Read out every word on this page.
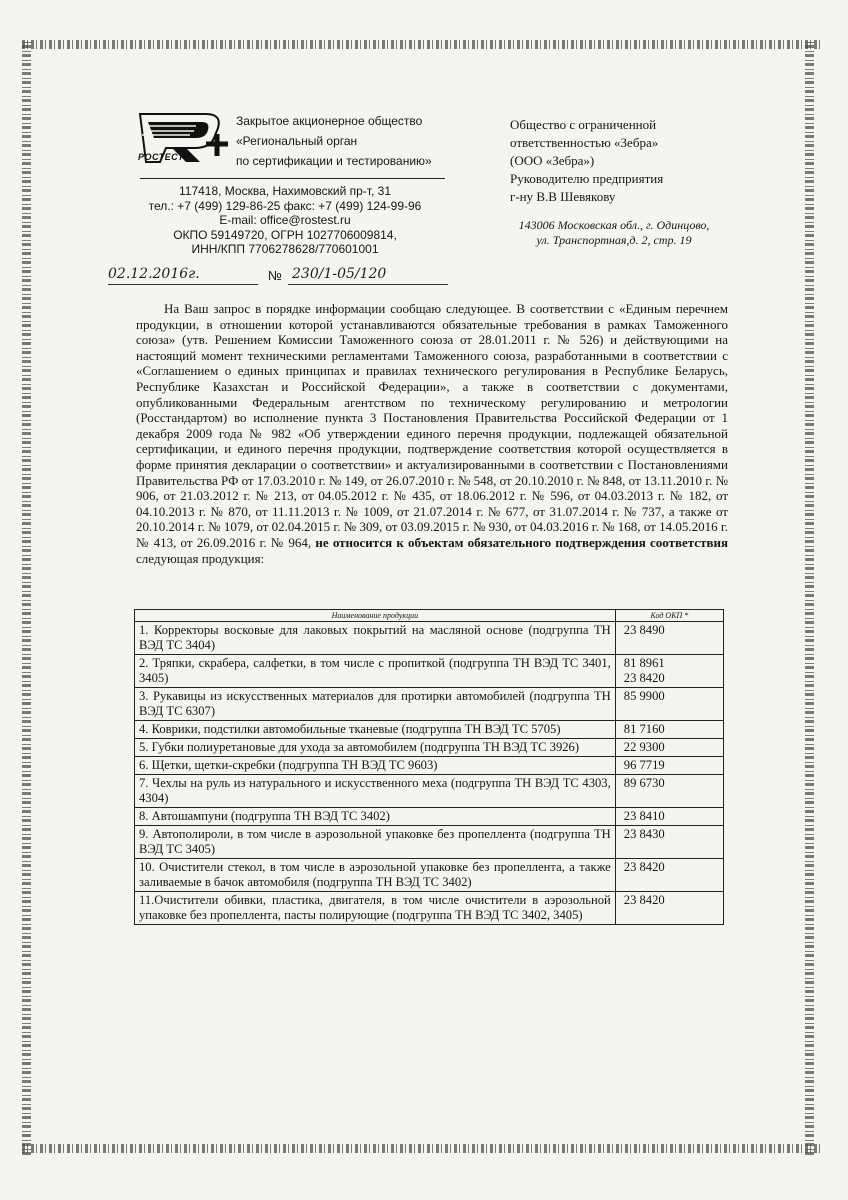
РОСТЕСТ
Закрытое акционерное общество
«Региональный орган
по сертификации и тестированию»
117418, Москва, Нахимовский пр-т, 31
тел.: +7 (499) 129-86-25 факс: +7 (499) 124-99-96
E-mail: office@rostest.ru
ОКПО 59149720, ОГРН 1027706009814,
ИНН/КПП 7706278628/770601001
Общество с ограниченной
ответственностью «Зебра»
(ООО «Зебра»)
Руководителю предприятия
г-ну В.В Шевякову
143006 Московская обл., г. Одинцово,
ул. Транспортная,д. 2, стр. 19
02.12.2016г.	№ 230/1-05/120
На Ваш запрос в порядке информации сообщаю следующее. В соответствии с «Единым перечнем продукции, в отношении которой устанавливаются обязательные требования в рамках Таможенного союза» (утв. Решением Комиссии Таможенного союза от 28.01.2011 г. № 526) и действующими на настоящий момент техническими регламентами Таможенного союза, разработанными в соответствии с «Соглашением о единых принципах и правилах технического регулирования в Республике Беларусь, Республике Казахстан и Российской Федерации», а также в соответствии с документами, опубликованными Федеральным агентством по техническому регулированию и метрологии (Росстандартом) во исполнение пункта 3 Постановления Правительства Российской Федерации от 1 декабря 2009 года № 982 «Об утверждении единого перечня продукции, подлежащей обязательной сертификации, и единого перечня продукции, подтверждение соответствия которой осуществляется в форме принятия декларации о соответствии» и актуализированными в соответствии с Постановлениями Правительства РФ от 17.03.2010 г. № 149, от 26.07.2010 г. № 548, от 20.10.2010 г. № 848, от 13.11.2010 г. № 906, от 21.03.2012 г. № 213, от 04.05.2012 г. № 435, от 18.06.2012 г. № 596, от 04.03.2013 г. № 182, от 04.10.2013 г. № 870, от 11.11.2013 г. № 1009, от 21.07.2014 г. № 677, от 31.07.2014 г. № 737, а также от 20.10.2014 г. № 1079, от 02.04.2015 г. № 309, от 03.09.2015 г. № 930, от 04.03.2016 г. № 168, от 14.05.2016 г. № 413, от 26.09.2016 г. № 964, не относится к объектам обязательного подтверждения соответствия следующая продукция:
Наименование продукции	Код ОКП *
1. Корректоры восковые для лаковых покрытий на масляной основе (подгруппа ТН ВЭД ТС 3404)	23 8490
2. Тряпки, скрабера, салфетки, в том числе с пропиткой (подгруппа ТН ВЭД ТС 3401, 3405)	81 8961
23 8420
3. Рукавицы из искусственных материалов для протирки автомобилей (подгруппа ТН ВЭД ТС 6307)	85 9900
4. Коврики, подстилки автомобильные тканевые (подгруппа ТН ВЭД ТС 5705)	81 7160
5. Губки полиуретановые для ухода за автомобилем (подгруппа ТН ВЭД ТС 3926)	22 9300
6. Щетки, щетки-скребки (подгруппа ТН ВЭД ТС 9603)	96 7719
7. Чехлы на руль из натурального и искусственного меха (подгруппа ТН ВЭД ТС 4303, 4304)	89 6730
8. Автошампуни (подгруппа ТН ВЭД ТС 3402)	23 8410
9. Автополироли, в том числе в аэрозольной упаковке без пропеллента (подгруппа ТН ВЭД ТС 3405)	23 8430
10. Очистители стекол, в том числе в аэрозольной упаковке без пропеллента, а также заливаемые в бачок автомобиля (подгруппа ТН ВЭД ТС 3402)	23 8420
11.Очистители обивки, пластика, двигателя, в том числе очистители в аэрозольной упаковке без пропеллента, пасты полирующие (подгруппа ТН ВЭД ТС 3402, 3405)	23 8420
